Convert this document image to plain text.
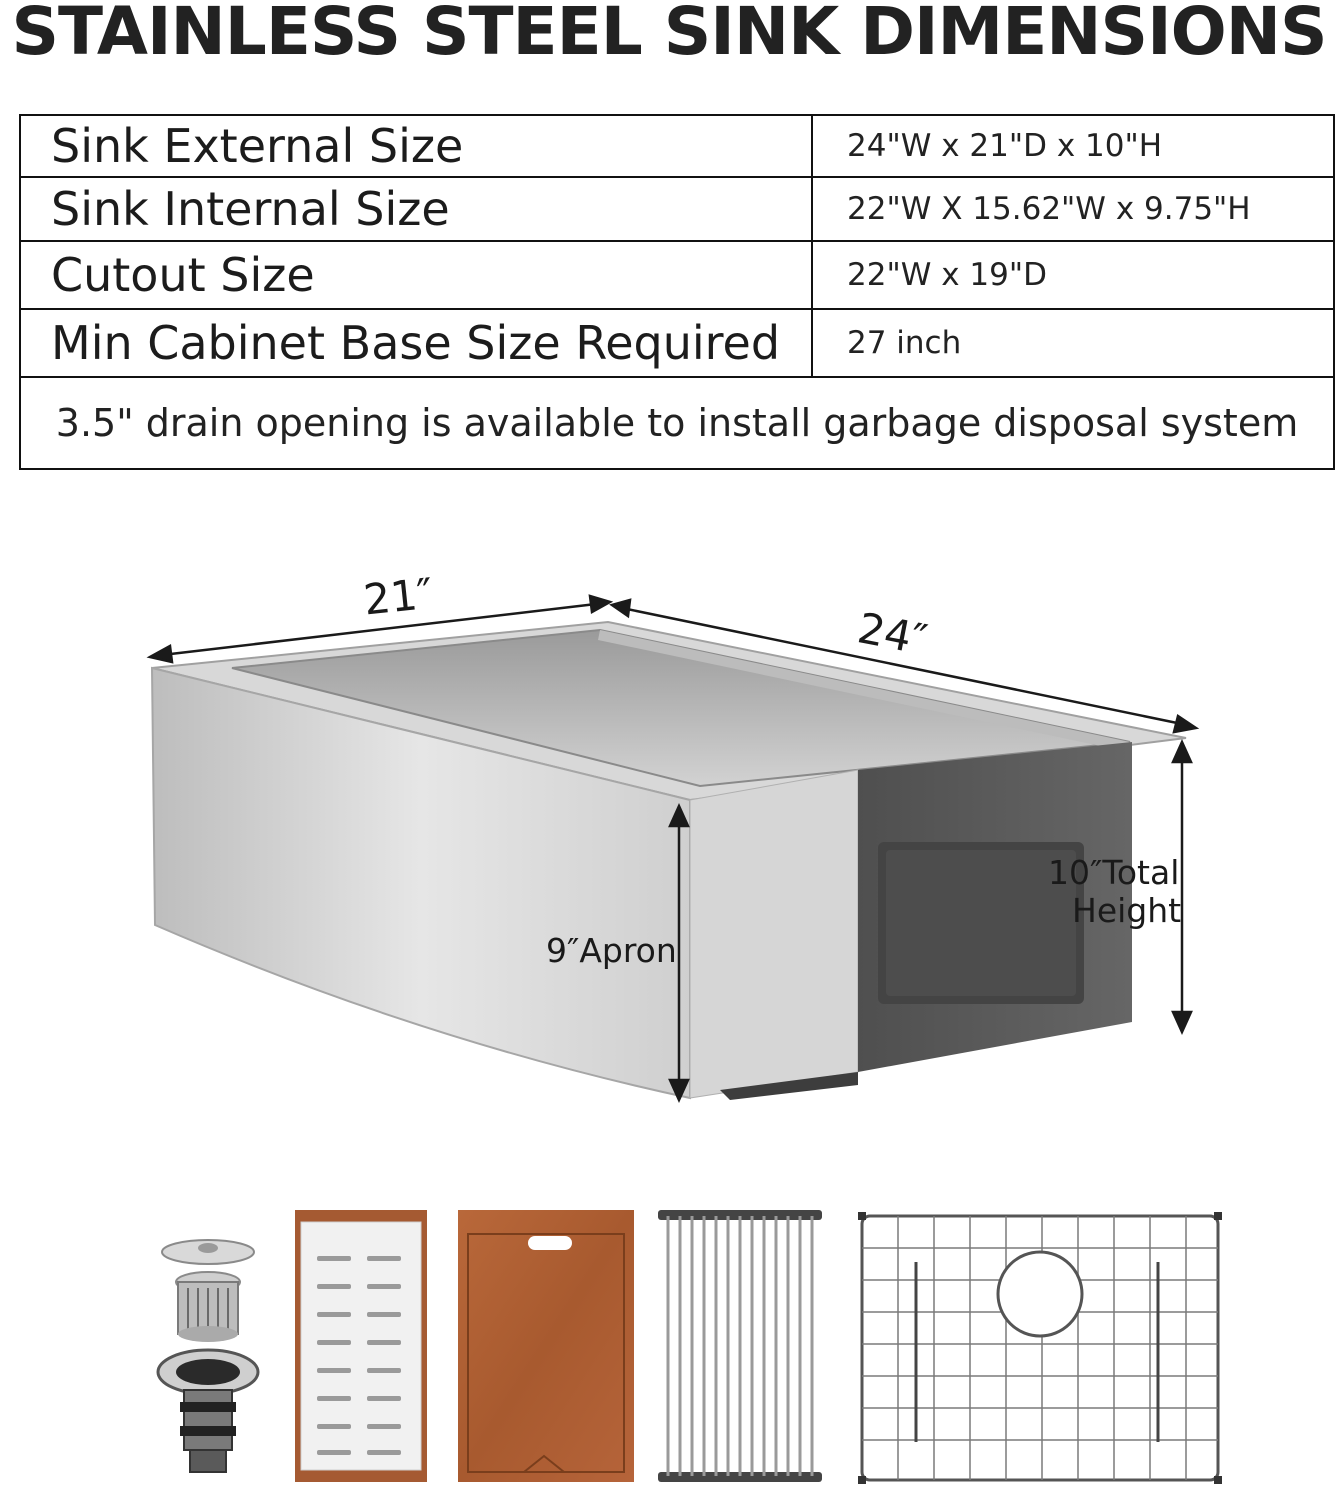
STAINLESS STEEL SINK DIMENSIONS
Sink External Size	24"W x 21"D x 10"H
Sink Internal Size	22"W X 15.62"W x 9.75"H
Cutout Size	22"W x 19"D
Min Cabinet Base Size Required	27 inch
3.5" drain opening is available to install garbage disposal system	
21″
24″
9″Apron
10″Total
Height
